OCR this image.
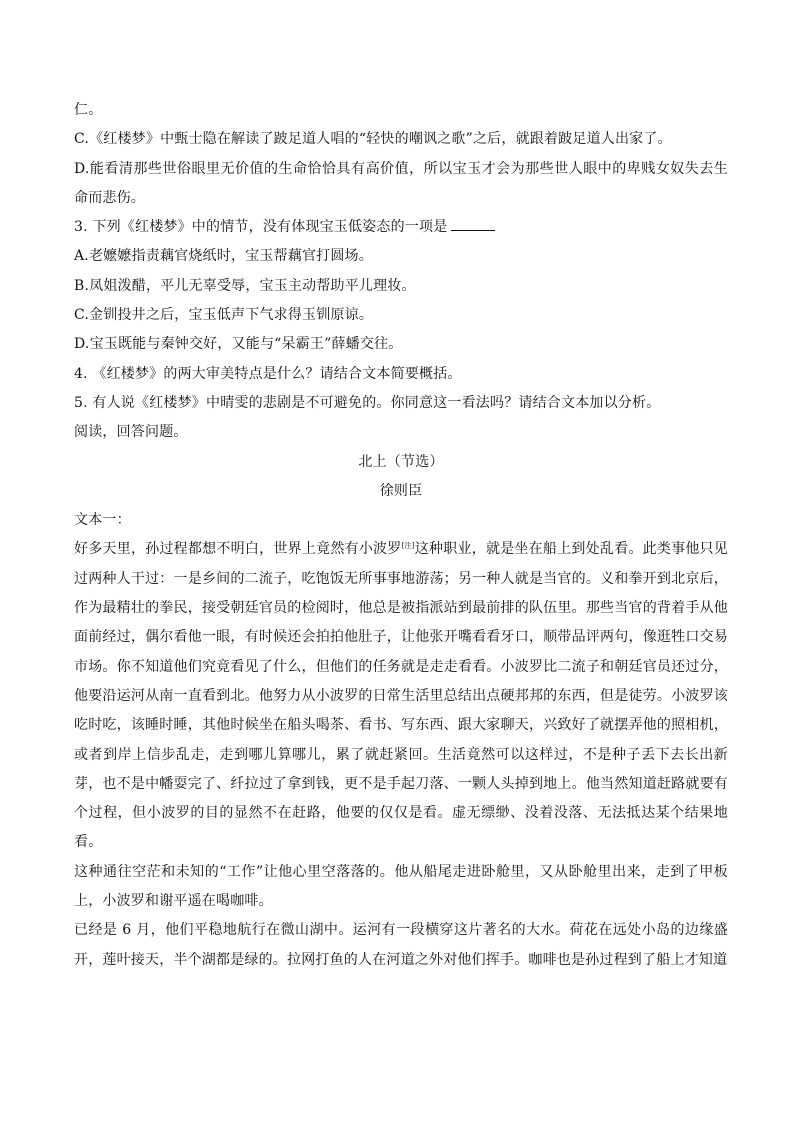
仁。

C.《红楼梦》中甄士隐在解读了跛足道人唱的“轻快的嘲讽之歌”之后，就跟着跛足道人出家了。

D.能看清那些世俗眼里无价值的生命恰恰具有高价值，所以宝玉才会为那些世人眼中的卑贱女奴失去生命而悲伤。

3. 下列《红楼梦》中的情节，没有体现宝玉低姿态的一项是

A.老嬷嬷指责藕官烧纸时，宝玉帮藕官打圆场。

B.凤姐泼醋，平儿无辜受辱，宝玉主动帮助平儿理妆。

C.金钏投井之后，宝玉低声下气求得玉钏原谅。

D.宝玉既能与秦钟交好，又能与“呆霸王”薛蟠交往。

4. 《红楼梦》的两大审美特点是什么？请结合文本简要概括。

5. 有人说《红楼梦》中晴雯的悲剧是不可避免的。你同意这一看法吗？请结合文本加以分析。

阅读，回答问题。

北上（节选）

徐则臣

文本一：

好多天里，孙过程都想不明白，世界上竟然有小波罗[注]这种职业，就是坐在船上到处乱看。此类事他只见过两种人干过：一是乡间的二流子，吃饱饭无所事事地游荡；另一种人就是当官的。义和拳开到北京后，作为最精壮的拳民，接受朝廷官员的检阅时，他总是被指派站到最前排的队伍里。那些当官的背着手从他面前经过，偶尔看他一眼，有时候还会拍拍他肚子，让他张开嘴看看牙口，顺带品评两句，像逛牲口交易市场。你不知道他们究竟看见了什么，但他们的任务就是走走看看。小波罗比二流子和朝廷官员还过分，他要沿运河从南一直看到北。他努力从小波罗的日常生活里总结出点硬邦邦的东西，但是徒劳。小波罗该吃时吃，该睡时睡，其他时候坐在船头喝茶、看书、写东西、跟大家聊天，兴致好了就摆弄他的照相机，或者到岸上信步乱走，走到哪儿算哪儿，累了就赶紧回。生活竟然可以这样过，不是种子丢下去长出新芽，也不是中幡耍完了、纤拉过了拿到钱，更不是手起刀落、一颗人头掉到地上。他当然知道赶路就要有个过程，但小波罗的目的显然不在赶路，他要的仅仅是看。虚无缥缈、没着没落、无法抵达某个结果地看。

这种通往空茫和未知的“工作”让他心里空落落的。他从船尾走进卧舱里，又从卧舱里出来，走到了甲板上，小波罗和谢平遥在喝咖啡。

已经是 6 月，他们平稳地航行在微山湖中。运河有一段横穿这片著名的大水。荷花在远处小岛的边缘盛开，莲叶接天，半个湖都是绿的。拉网打鱼的人在河道之外对他们挥手。咖啡也是孙过程到了船上才知道
